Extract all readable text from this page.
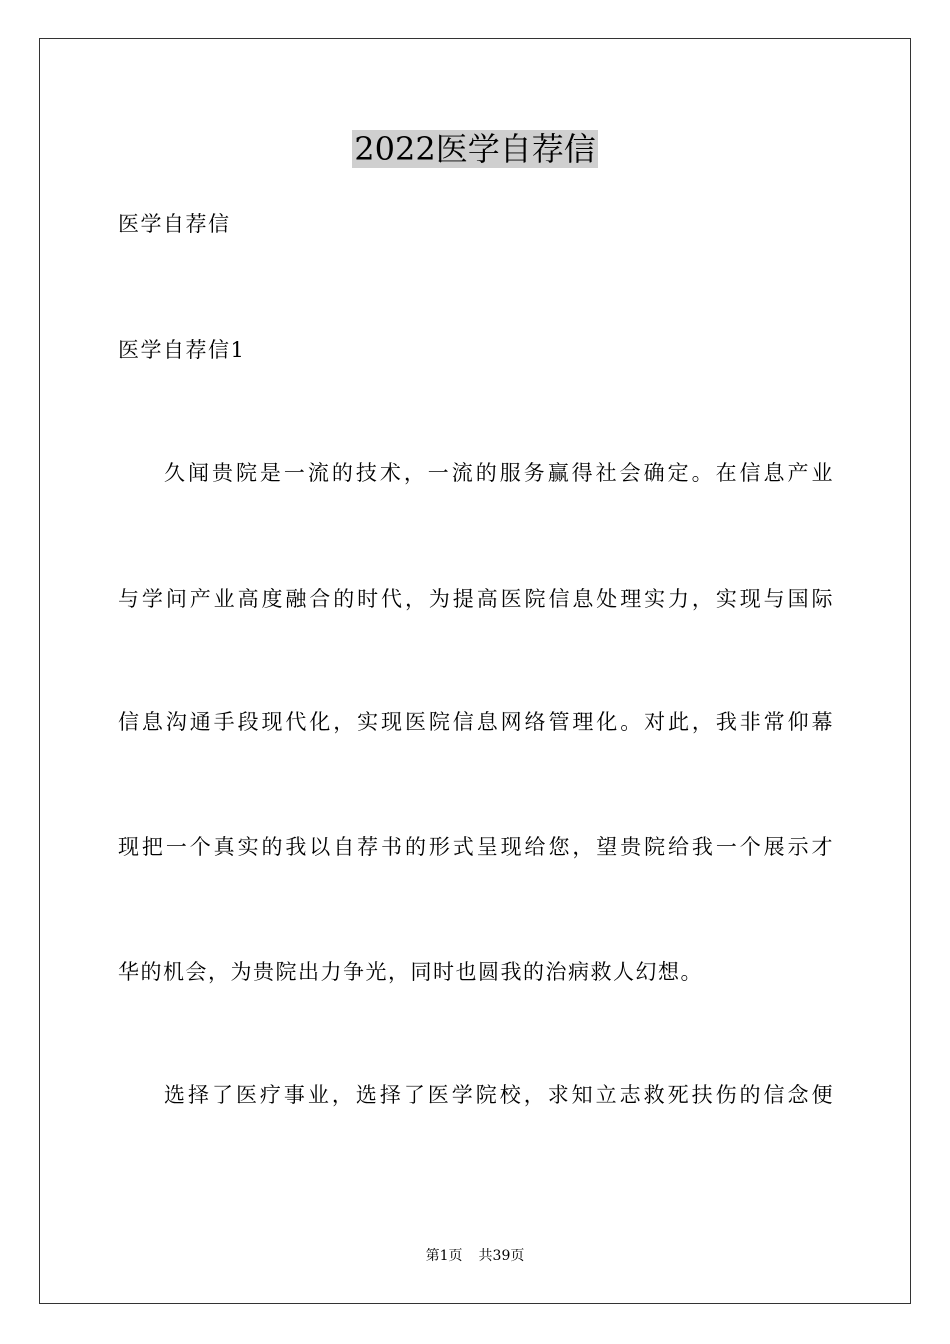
2022医学自荐信
医学自荐信
医学自荐信1
久闻贵院是一流的技术，一流的服务赢得社会确定。在信息产业
与学问产业高度融合的时代，为提高医院信息处理实力，实现与国际
信息沟通手段现代化，实现医院信息网络管理化。对此，我非常仰幕
现把一个真实的我以自荐书的形式呈现给您，望贵院给我一个展示才
华的机会，为贵院出力争光，同时也圆我的治病救人幻想。
选择了医疗事业，选择了医学院校，求知立志救死扶伤的信念便
第1页 共39页
